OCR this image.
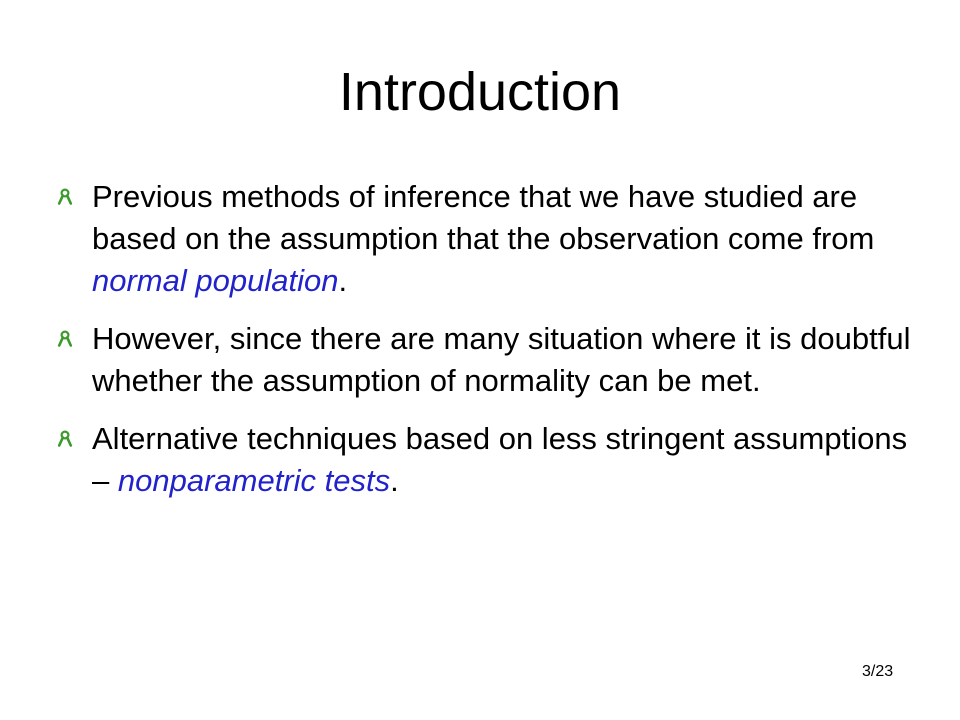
Introduction
Previous methods of inference that we have studied are based on the assumption that the observation come from normal population.
However, since there are many situation where it is doubtful whether the assumption of normality can be met.
Alternative techniques based on less stringent assumptions – nonparametric tests.
3/23
